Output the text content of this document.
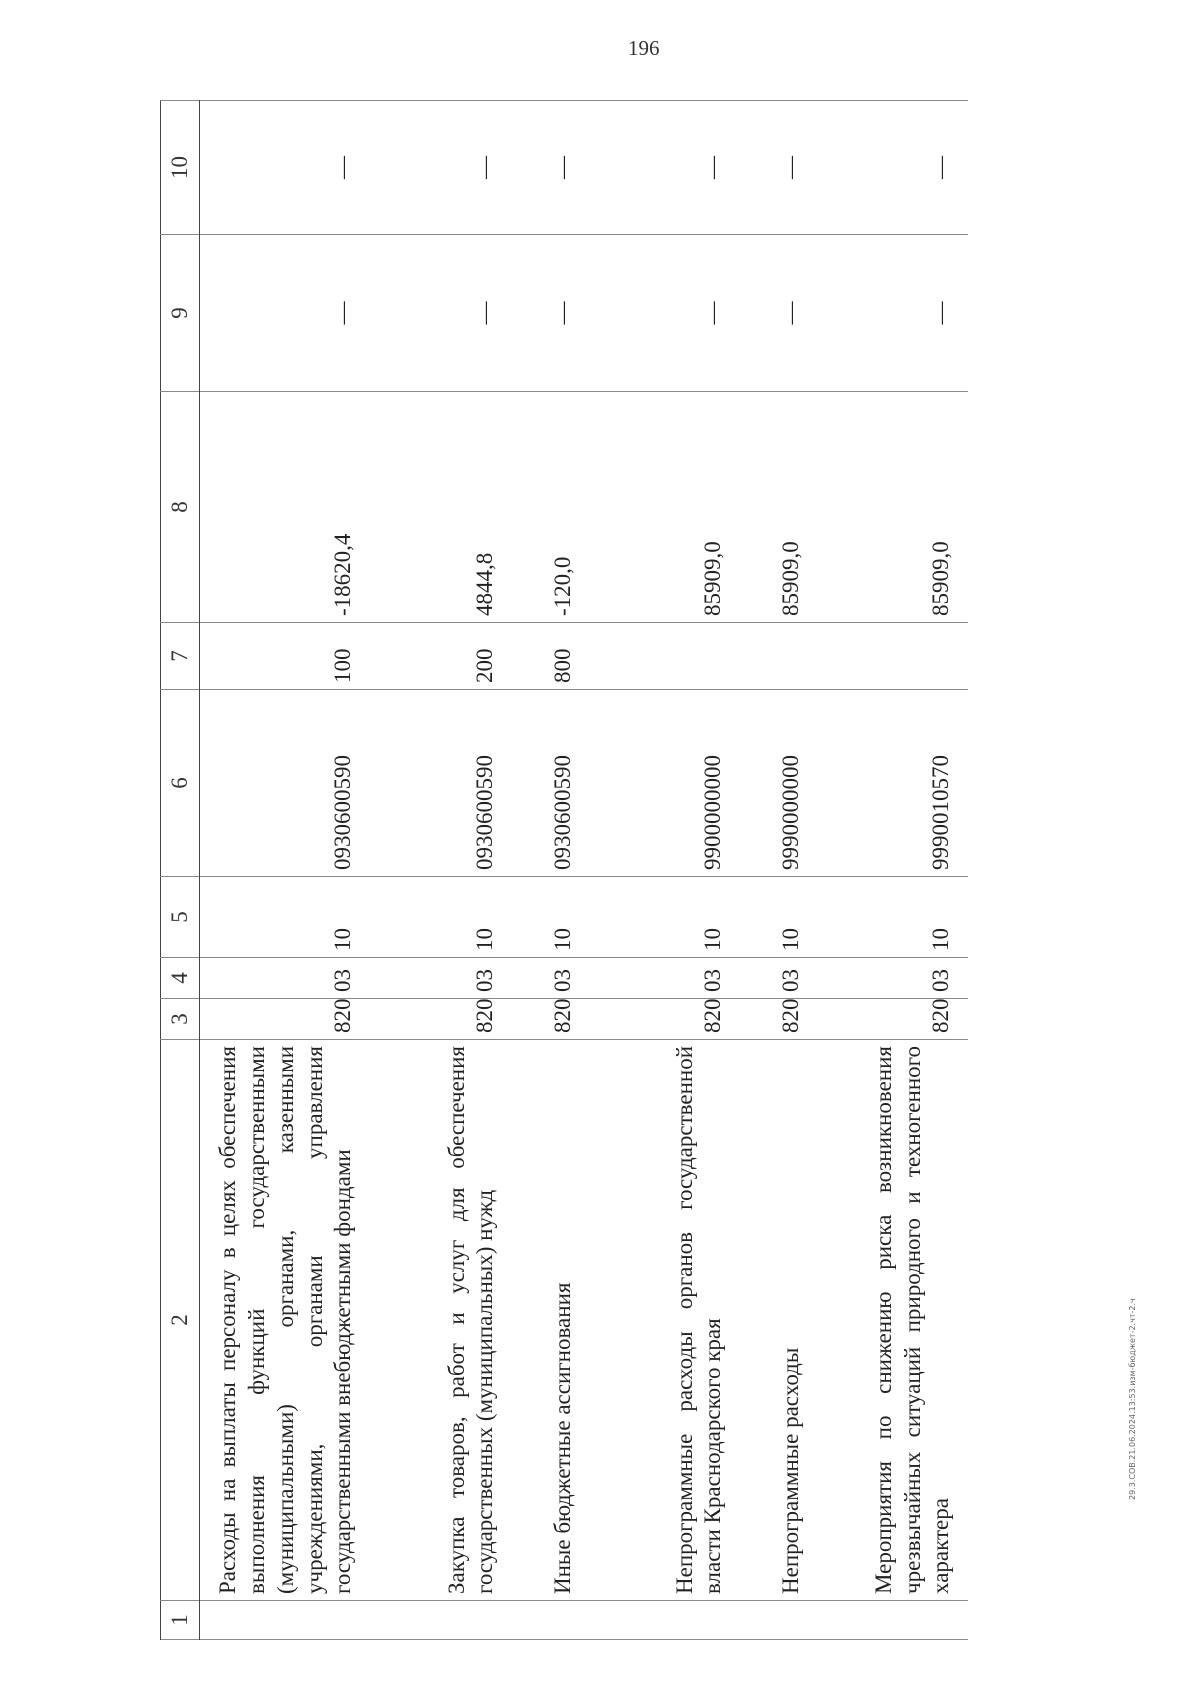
196
29.3.СОВ.21.06.2024.13:53.изм-бюджет-2.чт-2.ч
1	2	3	4	5	6	7	8	9	10
	Расходы на выплаты персоналу в целях обеспечения выполнения функций государственными (муниципальными) органами, казенными учреждениями, органами управления государственными внебюджетными фондами	820	03	10	0930600590	100	-18620,4	—	—
	Закупка товаров, работ и услуг для обеспечения государственных (муниципальных) нужд	820	03	10	0930600590	200	4844,8	—	—
	Иные бюджетные ассигнования	820	03	10	0930600590	800	-120,0	—	—
	Непрограммные расходы органов государственной власти Краснодарского края	820	03	10	9900000000		85909,0	—	—
	Непрограммные расходы	820	03	10	9990000000		85909,0	—	—
	Мероприятия по снижению риска возникновения чрезвычайных ситуаций природного и техногенного характера	820	03	10	9990010570		85909,0	—	—
